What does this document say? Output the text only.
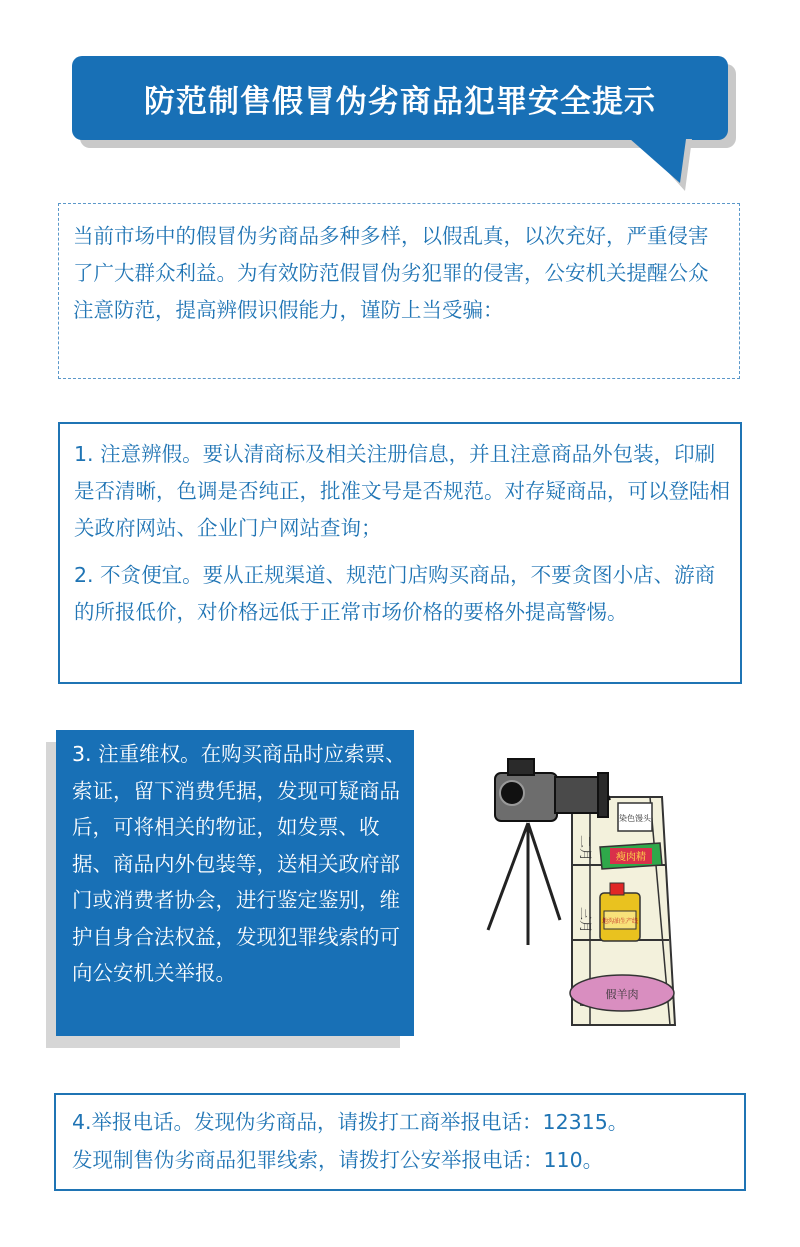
防范制售假冒伪劣商品犯罪安全提示
当前市场中的假冒伪劣商品多种多样，以假乱真，以次充好，严重侵害了广大群众利益。为有效防范假冒伪劣犯罪的侵害，公安机关提醒公众注意防范，提高辨假识假能力，谨防上当受骗：

1. 注意辨假。要认清商标及相关注册信息，并且注意商品外包装，印刷是否清晰，色调是否纯正，批准文号是否规范。对存疑商品，可以登陆相关政府网站、企业门户网站查询；

2. 不贪便宜。要从正规渠道、规范门店购买商品，不要贪图小店、游商的所报低价，对价格远低于正常市场价格的要格外提高警惕。

3. 注重维权。在购买商品时应索票、索证，留下消费凭据，发现可疑商品后，可将相关的物证，如发票、收据、商品内外包装等，送相关政府部门或消费者协会，进行鉴定鉴别，维护自身合法权益，发现犯罪线索的可向公安机关举报。
二月
三月
染色馒头
瘦肉精
地沟油生产线
假羊肉
4.举报电话。发现伪劣商品，请拨打工商举报电话：12315。
发现制售伪劣商品犯罪线索，请拨打公安举报电话：110。
